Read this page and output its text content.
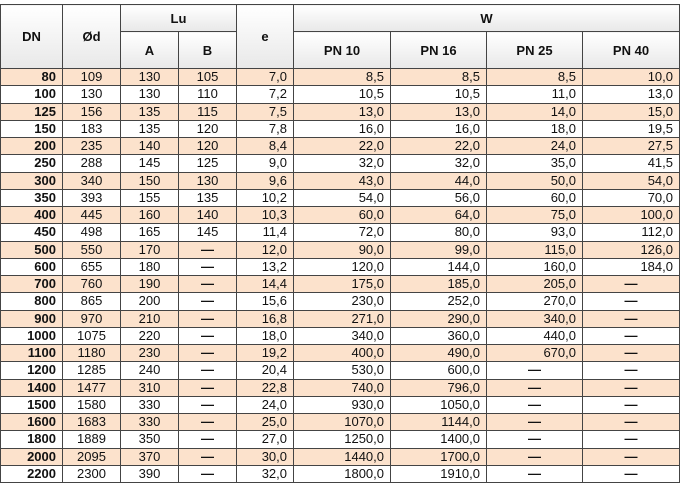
DN	Ød	Lu		e	W			
		A	B		PN 10	PN 16	PN 25	PN 40
80	109	130	105	7,0	8,5	8,5	8,5	10,0
100	130	130	110	7,2	10,5	10,5	11,0	13,0
125	156	135	115	7,5	13,0	13,0	14,0	15,0
150	183	135	120	7,8	16,0	16,0	18,0	19,5
200	235	140	120	8,4	22,0	22,0	24,0	27,5
250	288	145	125	9,0	32,0	32,0	35,0	41,5
300	340	150	130	9,6	43,0	44,0	50,0	54,0
350	393	155	135	10,2	54,0	56,0	60,0	70,0
400	445	160	140	10,3	60,0	64,0	75,0	100,0
450	498	165	145	11,4	72,0	80,0	93,0	112,0
500	550	170	—	12,0	90,0	99,0	115,0	126,0
600	655	180	—	13,2	120,0	144,0	160,0	184,0
700	760	190	—	14,4	175,0	185,0	205,0	—
800	865	200	—	15,6	230,0	252,0	270,0	—
900	970	210	—	16,8	271,0	290,0	340,0	—
1000	1075	220	—	18,0	340,0	360,0	440,0	—
1100	1180	230	—	19,2	400,0	490,0	670,0	—
1200	1285	240	—	20,4	530,0	600,0	—	—
1400	1477	310	—	22,8	740,0	796,0	—	—
1500	1580	330	—	24,0	930,0	1050,0	—	—
1600	1683	330	—	25,0	1070,0	1144,0	—	—
1800	1889	350	—	27,0	1250,0	1400,0	—	—
2000	2095	370	—	30,0	1440,0	1700,0	—	—
2200	2300	390	—	32,0	1800,0	1910,0	—	—
